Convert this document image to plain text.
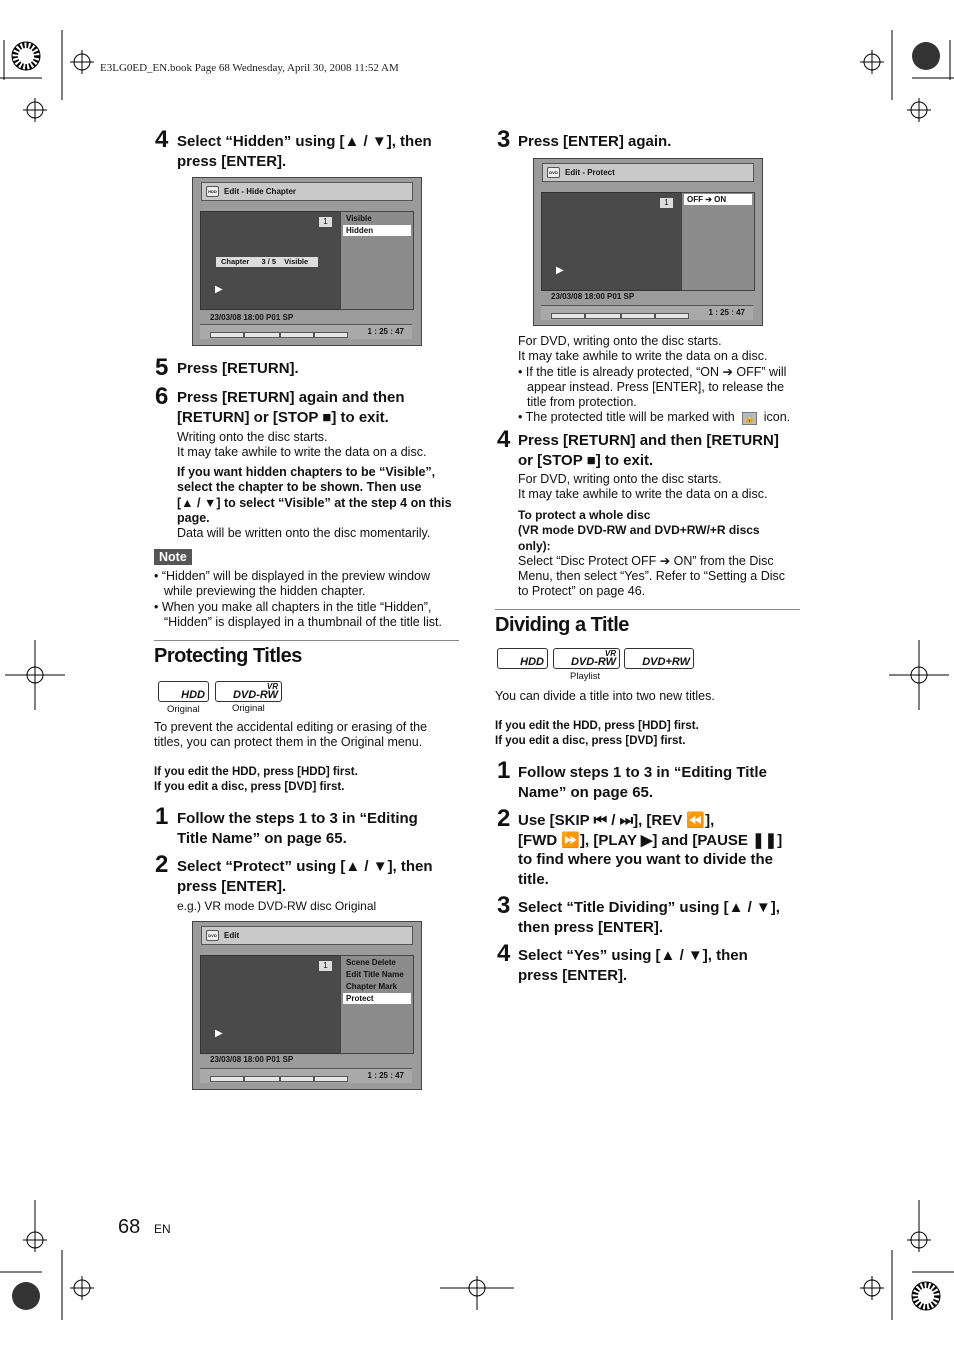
E3LG0ED_EN.book Page 68 Wednesday, April 30, 2008 11:52 AM
4 Select “Hidden” using [▲ / ▼], then
press [ENTER].
HDD Edit - Hide Chapter
1
Chapter 3 / 5 Visible
▶
Visible
Hidden
23/03/08 18:00 P01 SP
1 : 25 : 47
5 Press [RETURN].
6 Press [RETURN] again and then
[RETURN] or [STOP ■] to exit.
Writing onto the disc starts.
It may take awhile to write the data on a disc.
If you want hidden chapters to be “Visible”,
select the chapter to be shown. Then use
[▲ / ▼] to select “Visible” at the step 4 on this
page.
Data will be written onto the disc momentarily.
Note
• “Hidden” will be displayed in the preview window
while previewing the hidden chapter.
• When you make all chapters in the title “Hidden”,
“Hidden” is displayed in a thumbnail of the title list.
Protecting Titles
HDD
VR
DVD-RW
Original	Original
To prevent the accidental editing or erasing of the
titles, you can protect them in the Original menu.
If you edit the HDD, press [HDD] first.
If you edit a disc, press [DVD] first.
1 Follow the steps 1 to 3 in “Editing
Title Name” on page 65.
2 Select “Protect” using [▲ / ▼], then
press [ENTER].
e.g.) VR mode DVD-RW disc Original
DVD Edit
1
▶
Scene Delete
Edit Title Name
Chapter Mark
Protect
23/03/08 18:00 P01 SP
1 : 25 : 47
68 EN
3 Press [ENTER] again.
DVD Edit - Protect
1
▶
OFF ➔ ON
23/03/08 18:00 P01 SP
1 : 25 : 47
For DVD, writing onto the disc starts.
It may take awhile to write the data on a disc.
• If the title is already protected, “ON ➔ OFF” will
appear instead. Press [ENTER], to release the
title from protection.
• The protected title will be marked with 🔒 icon.
4 Press [RETURN] and then [RETURN]
or [STOP ■] to exit.
For DVD, writing onto the disc starts.
It may take awhile to write the data on a disc.
To protect a whole disc
(VR mode DVD-RW and DVD+RW/+R discs
only):
Select “Disc Protect OFF ➔ ON” from the Disc
Menu, then select “Yes”. Refer to “Setting a Disc
to Protect” on page 46.
Dividing a Title
HDD
VR
DVD-RW	DVD+RW
Playlist
You can divide a title into two new titles.
If you edit the HDD, press [HDD] first.
If you edit a disc, press [DVD] first.
1 Follow steps 1 to 3 in “Editing Title
Name” on page 65.
2 Use [SKIP ⏮ / ⏭], [REV ⏪],
[FWD ⏩], [PLAY ▶] and [PAUSE ❚❚]
to find where you want to divide the
title.
3 Select “Title Dividing” using [▲ / ▼],
then press [ENTER].
4 Select “Yes” using [▲ / ▼], then
press [ENTER].
